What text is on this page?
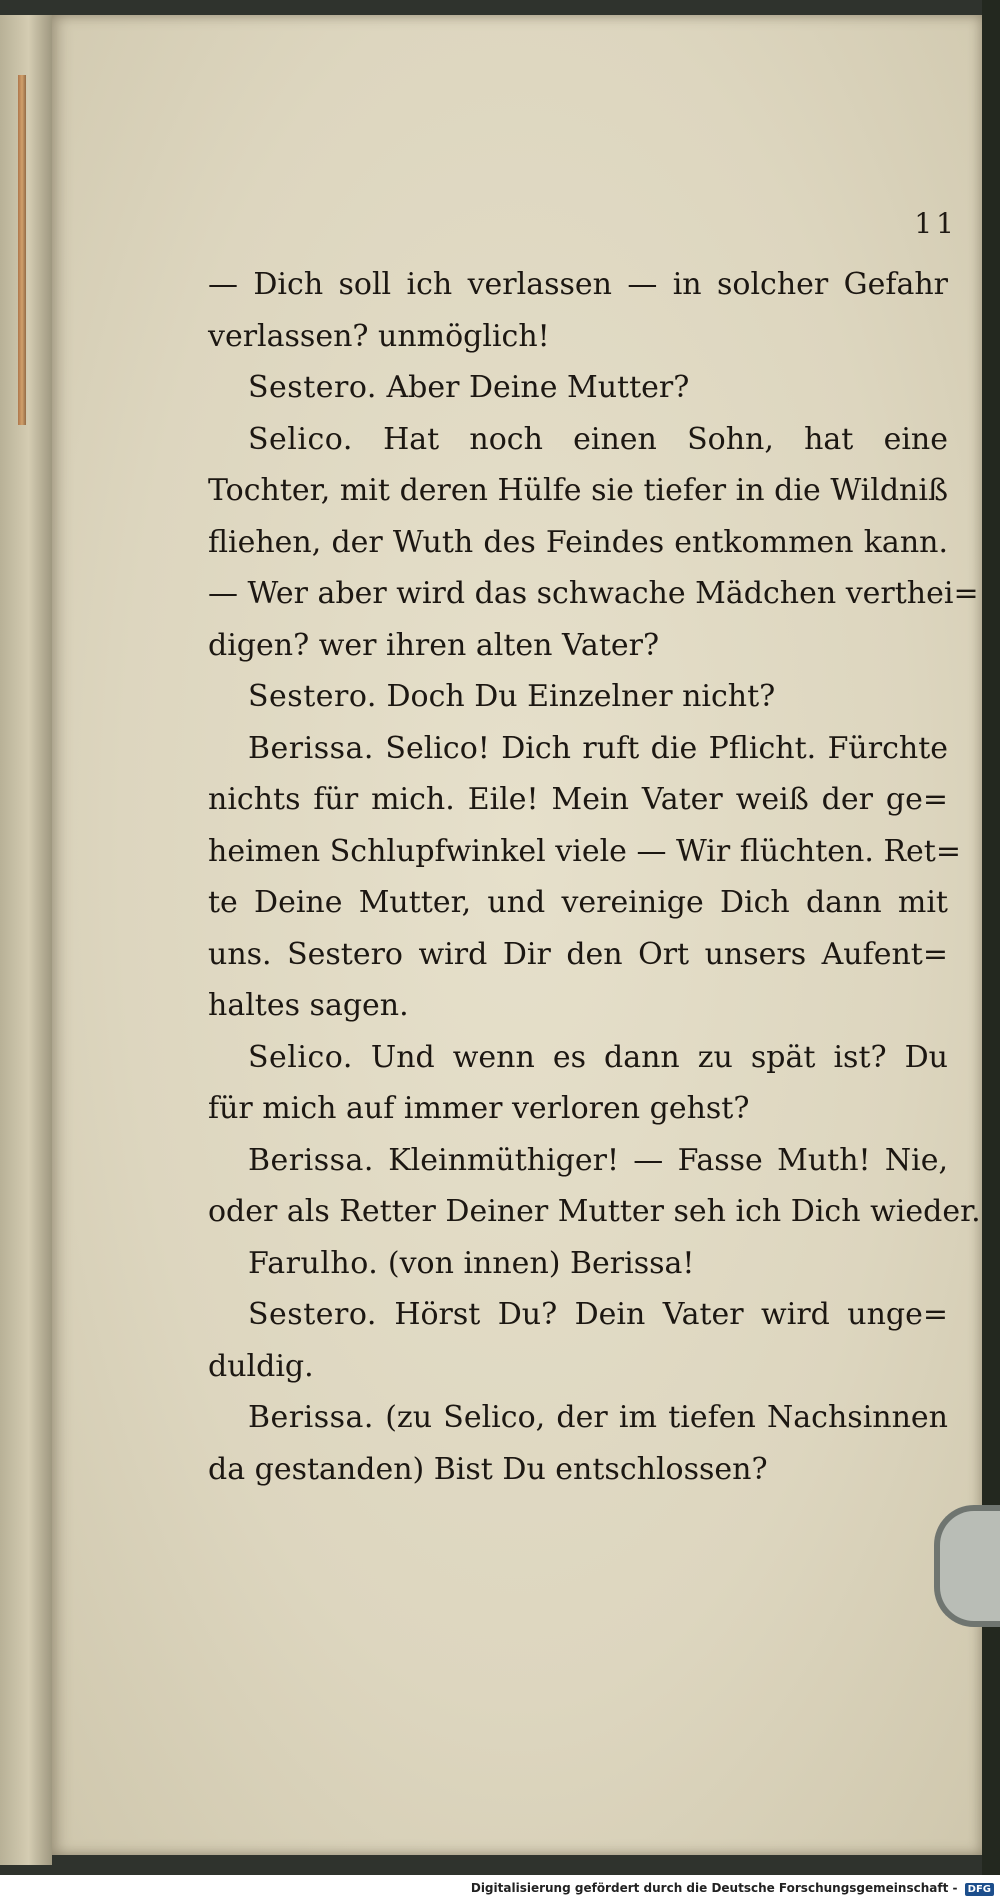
11
— Dich soll ich verlassen — in solcher Gefahr
verlassen? unmöglich!
Sestero. Aber Deine Mutter?
Selico. Hat noch einen Sohn, hat eine
Tochter, mit deren Hülfe sie tiefer in die Wildniß
fliehen, der Wuth des Feindes entkommen kann.
— Wer aber wird das schwache Mädchen verthei=
digen? wer ihren alten Vater?
Sestero. Doch Du Einzelner nicht?
Berissa. Selico! Dich ruft die Pflicht. Fürchte
nichts für mich. Eile! Mein Vater weiß der ge=
heimen Schlupfwinkel viele — Wir flüchten. Ret=
te Deine Mutter, und vereinige Dich dann mit
uns. Sestero wird Dir den Ort unsers Aufent=
haltes sagen.
Selico. Und wenn es dann zu spät ist? Du
für mich auf immer verloren gehst?
Berissa. Kleinmüthiger! — Fasse Muth! Nie,
oder als Retter Deiner Mutter seh ich Dich wieder.
Farulho. (von innen) Berissa!
Sestero. Hörst Du? Dein Vater wird unge=
duldig.
Berissa. (zu Selico, der im tiefen Nachsinnen
da gestanden) Bist Du entschlossen?
Digitalisierung gefördert durch die Deutsche Forschungsgemeinschaft - DFG
